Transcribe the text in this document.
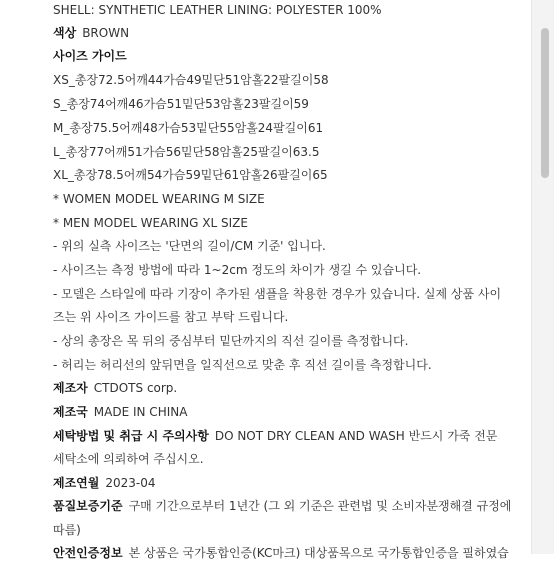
SHELL: SYNTHETIC LEATHER LINING: POLYESTER 100%
색상 BROWN
사이즈 가이드
XS_총장72.5어깨44가슴49밑단51암홀22팔길이58
S_총장74어깨46가슴51밑단53암홀23팔길이59
M_총장75.5어깨48가슴53밑단55암홀24팔길이61
L_총장77어깨51가슴56밑단58암홀25팔길이63.5
XL_총장78.5어깨54가슴59밑단61암홀26팔길이65
* WOMEN MODEL WEARING M SIZE
* MEN MODEL WEARING XL SIZE
- 위의 실측 사이즈는 '단면의 길이/CM 기준' 입니다.
- 사이즈는 측정 방법에 따라 1~2cm 정도의 차이가 생길 수 있습니다.
- 모델은 스타일에 따라 기장이 추가된 샘플을 착용한 경우가 있습니다. 실제 상품 사이
즈는 위 사이즈 가이드를 참고 부탁 드립니다.
- 상의 총장은 목 뒤의 중심부터 밑단까지의 직선 길이를 측정합니다.
- 허리는 허리선의 앞뒤면을 일직선으로 맞춘 후 직선 길이를 측정합니다.
제조자 CTDOTS corp.
제조국 MADE IN CHINA
세탁방법 및 취급 시 주의사항 DO NOT DRY CLEAN AND WASH 반드시 가죽 전문
세탁소에 의뢰하여 주십시오.
제조연월 2023-04
품질보증기준 구매 기간으로부터 1년간 (그 외 기준은 관련법 및 소비자분쟁해결 규정에
따름)
안전인증정보 본 상품은 국가통합인증(KC마크) 대상품목으로 국가통합인증을 필하였습
